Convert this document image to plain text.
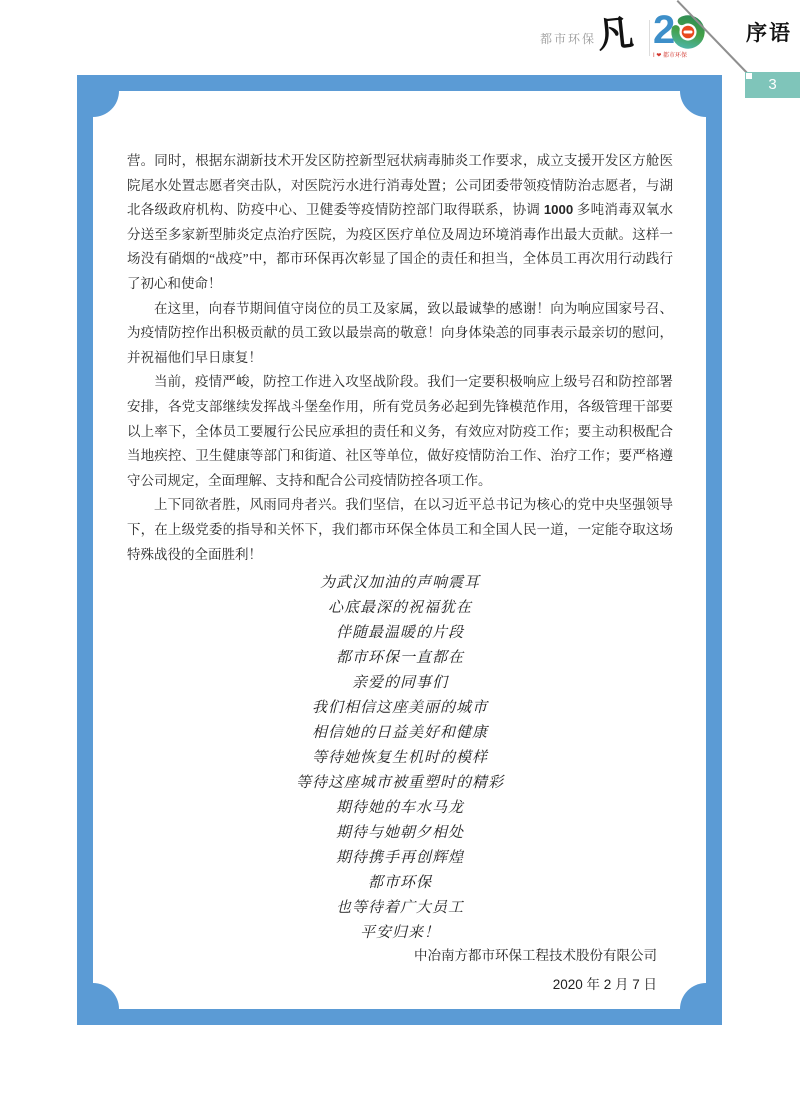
都市环保 凡 2
I ❤ 都市环保
序语
3

营。同时，根据东湖新技术开发区防控新型冠状病毒肺炎工作要求，成立支援开发区方舱医院尾水处置志愿者突击队，对医院污水进行消毒处置；公司团委带领疫情防治志愿者，与湖北各级政府机构、防疫中心、卫健委等疫情防控部门取得联系，协调 1000 多吨消毒双氧水分送至多家新型肺炎定点治疗医院，为疫区医疗单位及周边环境消毒作出最大贡献。这样一场没有硝烟的“战疫”中，都市环保再次彰显了国企的责任和担当，全体员工再次用行动践行了初心和使命！

在这里，向春节期间值守岗位的员工及家属，致以最诚挚的感谢！向为响应国家号召、为疫情防控作出积极贡献的员工致以最崇高的敬意！向身体染恙的同事表示最亲切的慰问，并祝福他们早日康复！

当前，疫情严峻，防控工作进入攻坚战阶段。我们一定要积极响应上级号召和防控部署安排，各党支部继续发挥战斗堡垒作用，所有党员务必起到先锋模范作用，各级管理干部要以上率下，全体员工要履行公民应承担的责任和义务，有效应对防疫工作；要主动积极配合当地疾控、卫生健康等部门和街道、社区等单位，做好疫情防治工作、治疗工作；要严格遵守公司规定，全面理解、支持和配合公司疫情防控各项工作。

上下同欲者胜，风雨同舟者兴。我们坚信，在以习近平总书记为核心的党中央坚强领导下，在上级党委的指导和关怀下，我们都市环保全体员工和全国人民一道，一定能夺取这场特殊战役的全面胜利！

为武汉加油的声响震耳
心底最深的祝福犹在
伴随最温暖的片段
都市环保一直都在
亲爱的同事们
我们相信这座美丽的城市
相信她的日益美好和健康
等待她恢复生机时的模样
等待这座城市被重塑时的精彩
期待她的车水马龙
期待与她朝夕相处
期待携手再创辉煌
都市环保
也等待着广大员工
平安归来！
中冶南方都市环保工程技术股份有限公司
2020 年 2 月 7 日
